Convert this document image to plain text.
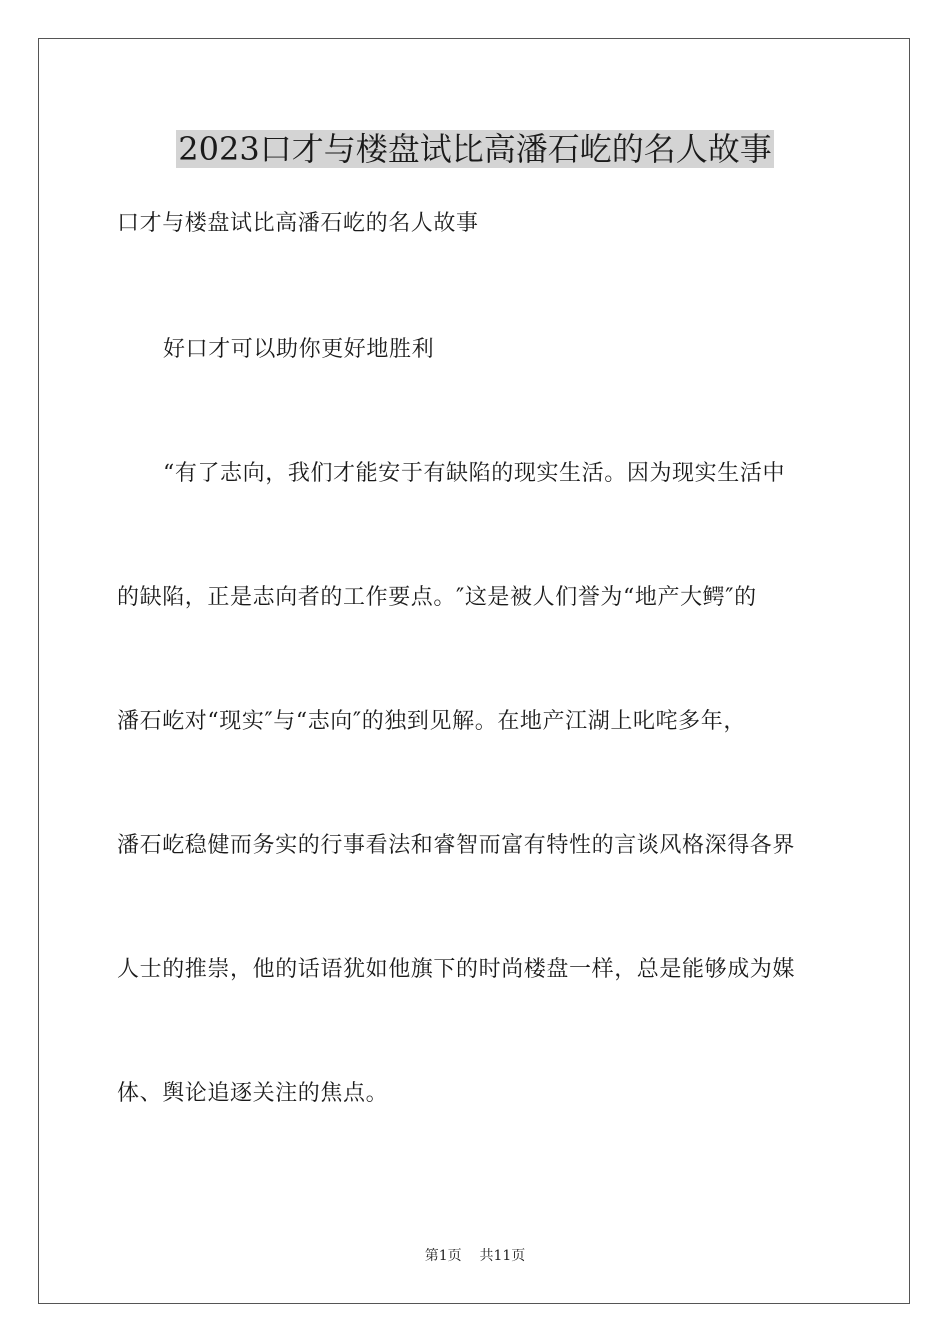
2023口才与楼盘试比高潘石屹的名人故事

口才与楼盘试比高潘石屹的名人故事

好口才可以助你更好地胜利

“有了志向，我们才能安于有缺陷的现实生活。因为现实生活中

的缺陷，正是志向者的工作要点。″这是被人们誉为“地产大鳄″的

潘石屹对“现实″与“志向″的独到见解。在地产江湖上叱咤多年，

潘石屹稳健而务实的行事看法和睿智而富有特性的言谈风格深得各界

人士的推崇，他的话语犹如他旗下的时尚楼盘一样，总是能够成为媒

体、舆论追逐关注的焦点。

第1页 共11页
